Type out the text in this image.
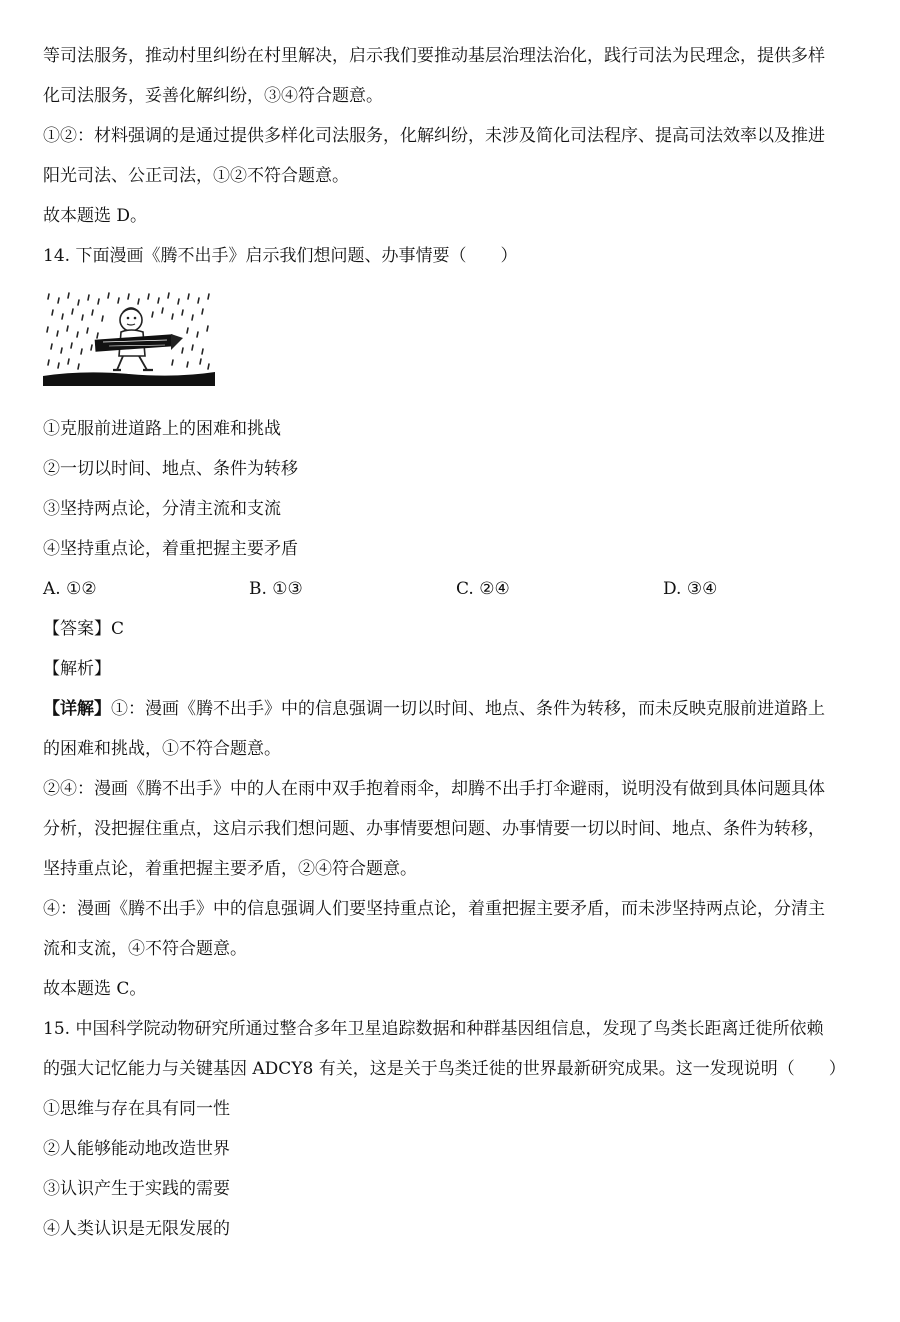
等司法服务，推动村里纠纷在村里解决，启示我们要推动基层治理法治化，践行司法为民理念，提供多样
化司法服务，妥善化解纠纷，③④符合题意。
①②：材料强调的是通过提供多样化司法服务，化解纠纷，未涉及简化司法程序、提高司法效率以及推进
阳光司法、公正司法，①②不符合题意。
故本题选 D。
14. 下面漫画《腾不出手》启示我们想问题、办事情要（　　）
①克服前进道路上的困难和挑战
②一切以时间、地点、条件为转移
③坚持两点论，分清主流和支流
④坚持重点论，着重把握主要矛盾
A. ①②	B. ①③	C. ②④	D. ③④
【答案】C
【解析】
【详解】①：漫画《腾不出手》中的信息强调一切以时间、地点、条件为转移，而未反映克服前进道路上
的困难和挑战，①不符合题意。
②④：漫画《腾不出手》中的人在雨中双手抱着雨伞，却腾不出手打伞避雨，说明没有做到具体问题具体
分析，没把握住重点，这启示我们想问题、办事情要想问题、办事情要一切以时间、地点、条件为转移，
坚持重点论，着重把握主要矛盾，②④符合题意。
④：漫画《腾不出手》中的信息强调人们要坚持重点论，着重把握主要矛盾，而未涉坚持两点论，分清主
流和支流，④不符合题意。
故本题选 C。
15. 中国科学院动物研究所通过整合多年卫星追踪数据和种群基因组信息，发现了鸟类长距离迁徙所依赖
的强大记忆能力与关键基因 ADCY8 有关，这是关于鸟类迁徙的世界最新研究成果。这一发现说明（　　）
①思维与存在具有同一性
②人能够能动地改造世界
③认识产生于实践的需要
④人类认识是无限发展的
